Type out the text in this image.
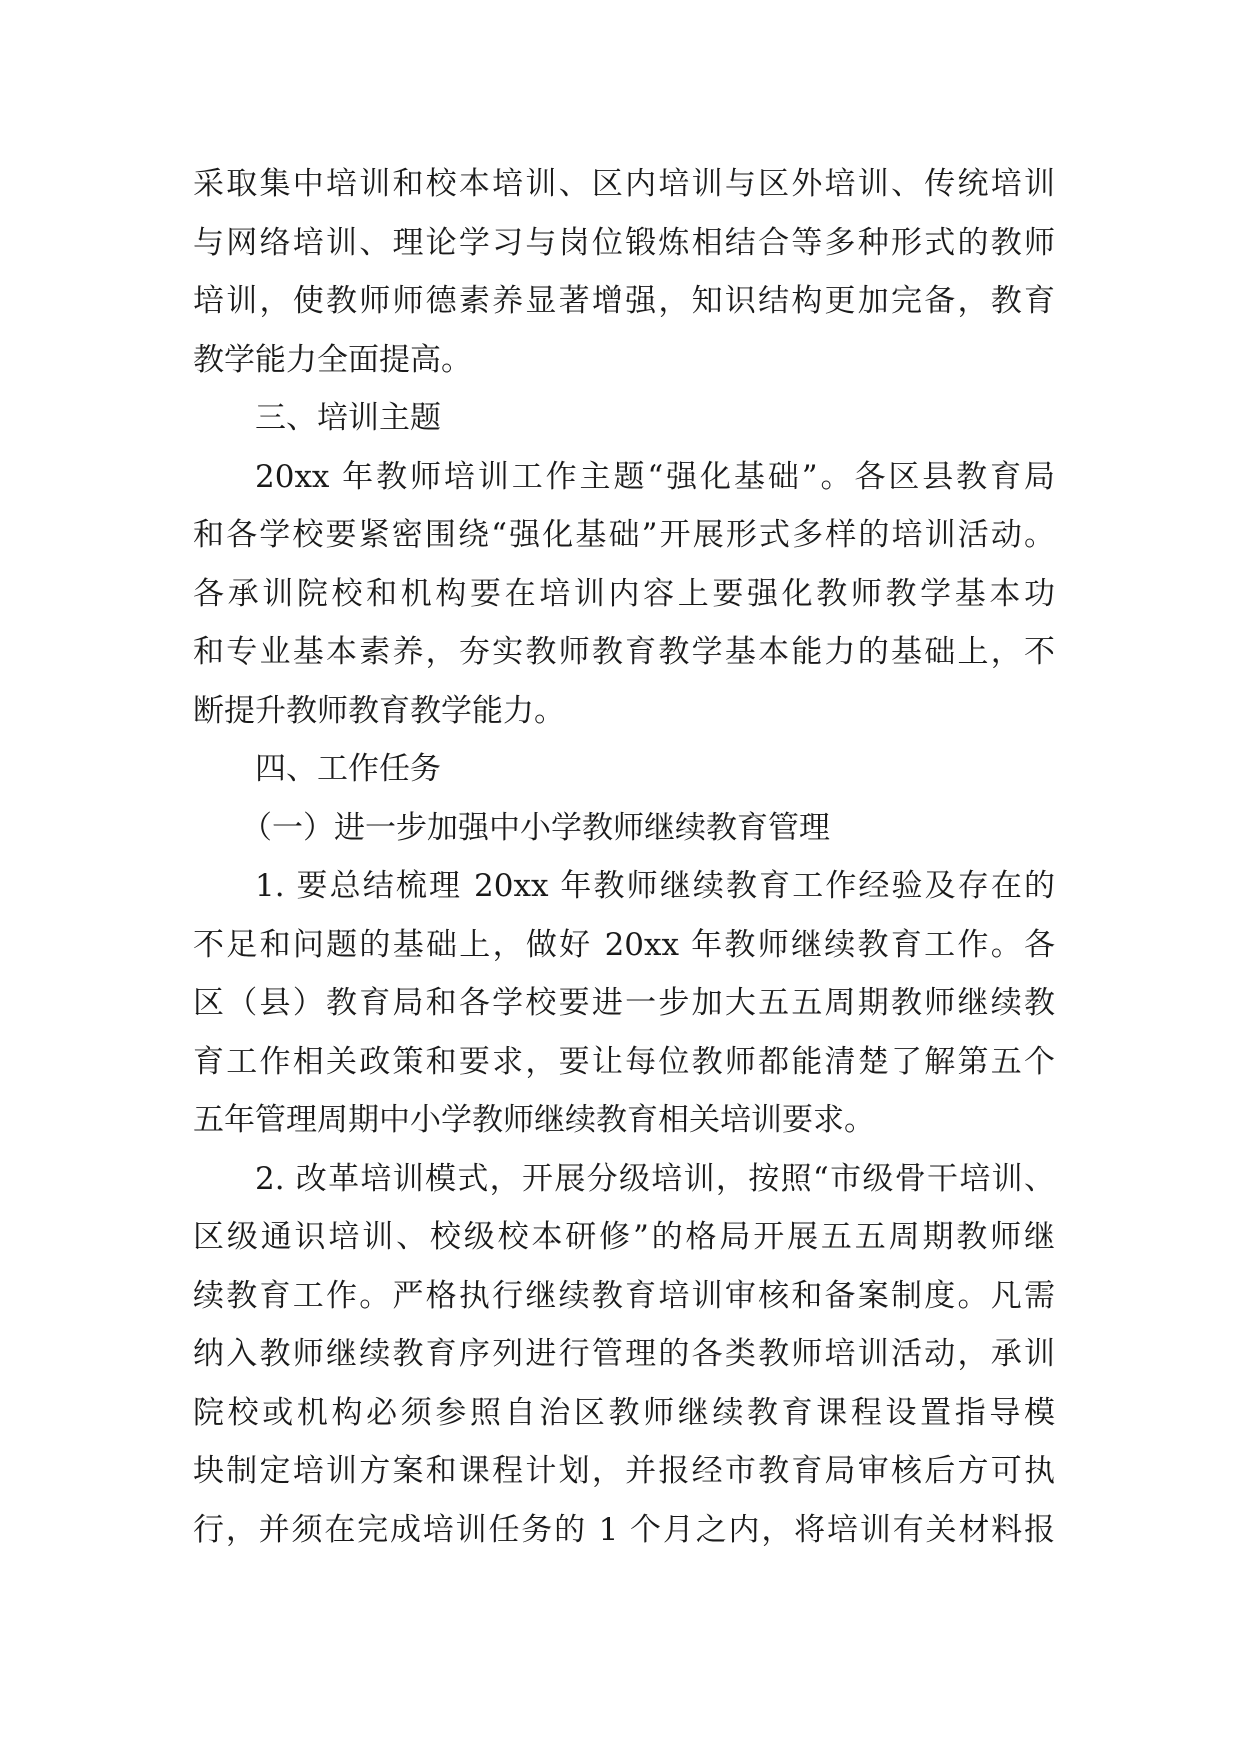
采取集中培训和校本培训、区内培训与区外培训、传统培训
与网络培训、理论学习与岗位锻炼相结合等多种形式的教师
培训，使教师师德素养显著增强，知识结构更加完备，教育
教学能力全面提高。
三、培训主题
20xx 年教师培训工作主题“强化基础”。各区县教育局
和各学校要紧密围绕“强化基础”开展形式多样的培训活动。
各承训院校和机构要在培训内容上要强化教师教学基本功
和专业基本素养，夯实教师教育教学基本能力的基础上，不
断提升教师教育教学能力。
四、工作任务
（一）进一步加强中小学教师继续教育管理
1. 要总结梳理 20xx 年教师继续教育工作经验及存在的
不足和问题的基础上，做好 20xx 年教师继续教育工作。各
区（县）教育局和各学校要进一步加大五五周期教师继续教
育工作相关政策和要求，要让每位教师都能清楚了解第五个
五年管理周期中小学教师继续教育相关培训要求。
2. 改革培训模式，开展分级培训，按照“市级骨干培训、
区级通识培训、校级校本研修”的格局开展五五周期教师继
续教育工作。严格执行继续教育培训审核和备案制度。凡需
纳入教师继续教育序列进行管理的各类教师培训活动，承训
院校或机构必须参照自治区教师继续教育课程设置指导模
块制定培训方案和课程计划，并报经市教育局审核后方可执
行，并须在完成培训任务的 1 个月之内，将培训有关材料报
